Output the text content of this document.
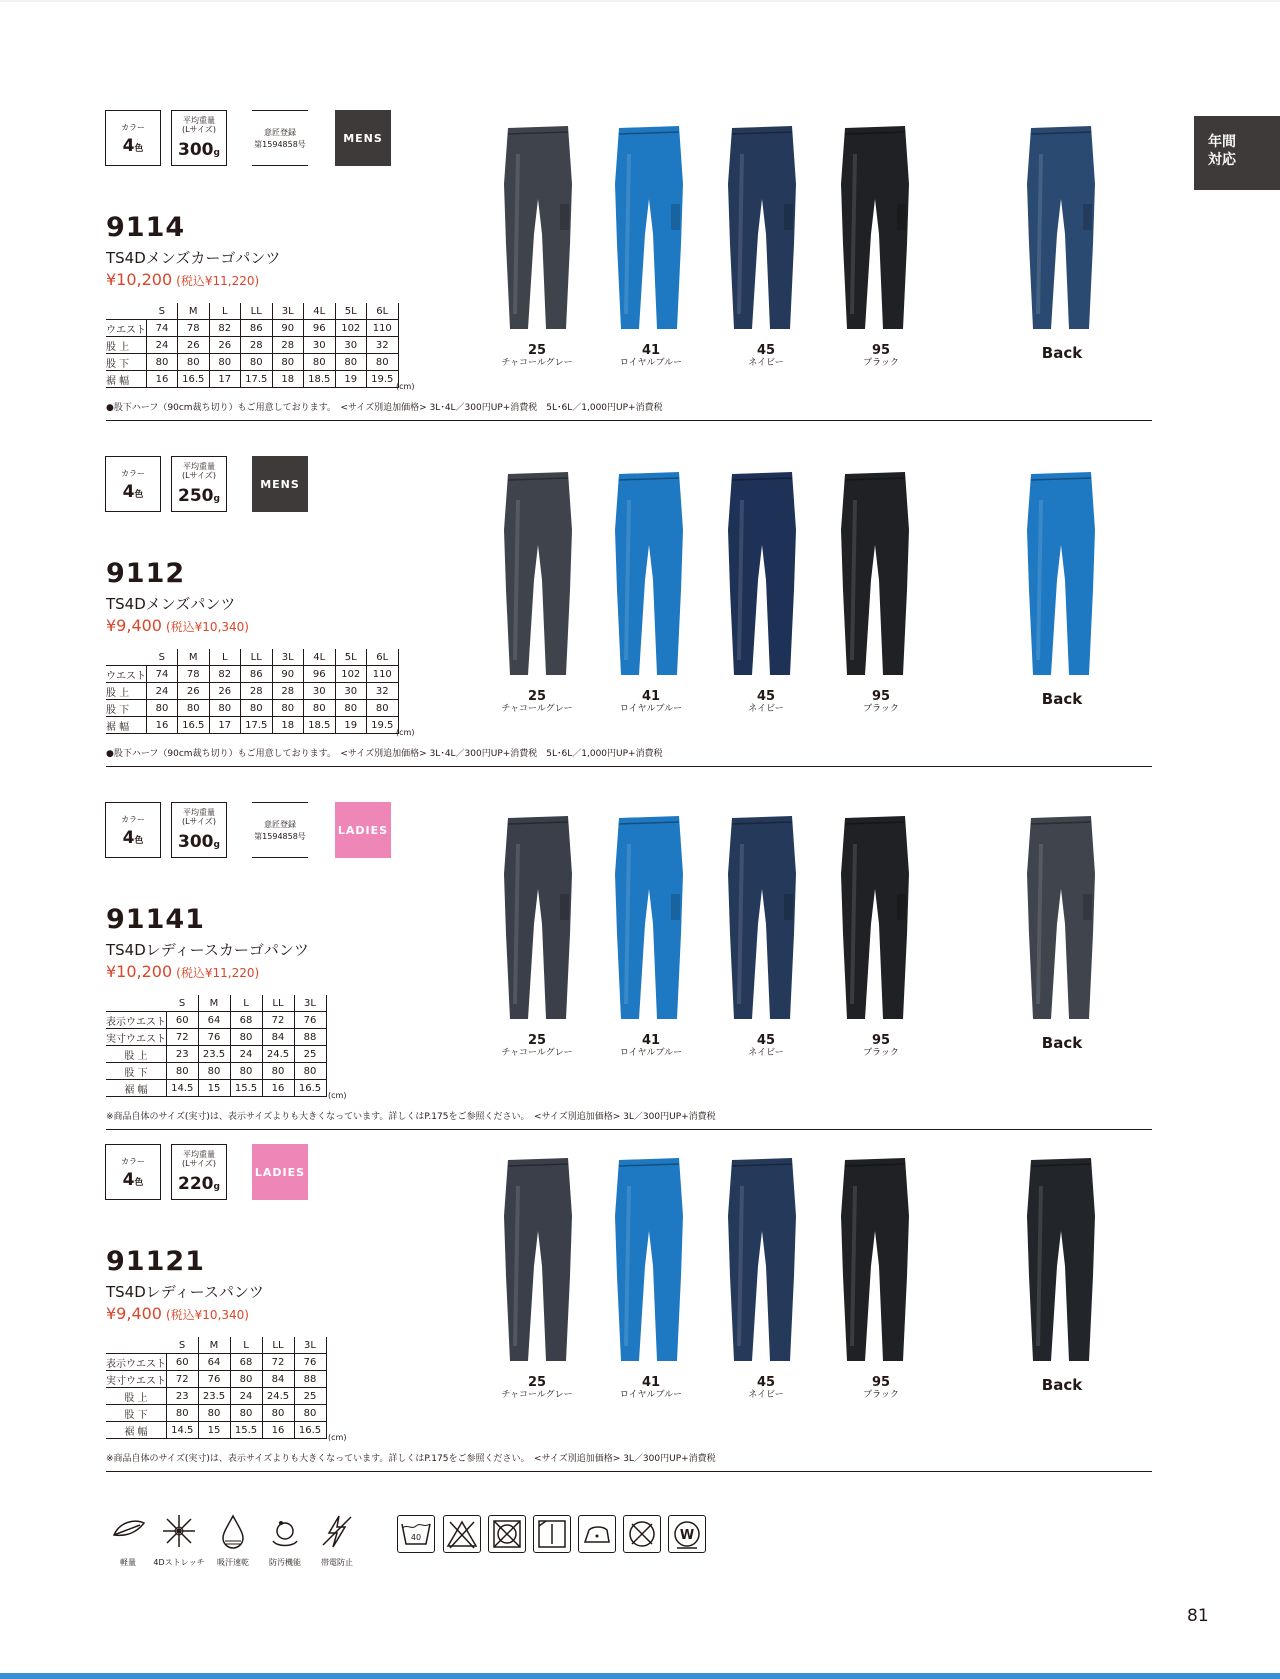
年間
対応
カラー
4色
平均重量
(Lサイズ)
300g
意匠登録
第1594858号	MENS
9114
TS4Dメンズカーゴパンツ
¥10,200 (税込¥11,220)
	S	M	L	LL	3L	4L	5L	6L
ウエスト	74	78	82	86	90	96	102	110
股 上	24	26	26	28	28	30	30	32
股 下	80	80	80	80	80	80	80	80
裾 幅	16	16.5	17	17.5	18	18.5	19	19.5
(cm)
●股下ハーフ（90cm裁ち切り）もご用意しております。　<サイズ別追加価格> 3L･4L／300円UP+消費税　5L･6L／1,000円UP+消費税
25
チャコールグレー
41
ロイヤルブルー
45
ネイビー
95
ブラック
Back
カラー
4色
平均重量
(Lサイズ)
250g
MENS
9112
TS4Dメンズパンツ
¥9,400 (税込¥10,340)
	S	M	L	LL	3L	4L	5L	6L
ウエスト	74	78	82	86	90	96	102	110
股 上	24	26	26	28	28	30	30	32
股 下	80	80	80	80	80	80	80	80
裾 幅	16	16.5	17	17.5	18	18.5	19	19.5
(cm)
●股下ハーフ（90cm裁ち切り）もご用意しております。　<サイズ別追加価格> 3L･4L／300円UP+消費税　5L･6L／1,000円UP+消費税
25
チャコールグレー
41
ロイヤルブルー
45
ネイビー
95
ブラック
Back
カラー
4色
平均重量
(Lサイズ)
300g
意匠登録
第1594858号	LADIES
91141
TS4Dレディースカーゴパンツ
¥10,200 (税込¥11,220)
	S	M	L	LL	3L
表示ウエスト	60	64	68	72	76
実寸ウエスト	72	76	80	84	88
股 上	23	23.5	24	24.5	25
股 下	80	80	80	80	80
裾 幅	14.5	15	15.5	16	16.5
(cm)
※商品自体のサイズ(実寸)は、表示サイズよりも大きくなっています。詳しくはP.175をご参照ください。　<サイズ別追加価格> 3L／300円UP+消費税
25
チャコールグレー
41
ロイヤルブルー
45
ネイビー
95
ブラック
Back
カラー
4色
平均重量
(Lサイズ)
220g
LADIES
91121
TS4Dレディースパンツ
¥9,400 (税込¥10,340)
	S	M	L	LL	3L
表示ウエスト	60	64	68	72	76
実寸ウエスト	72	76	80	84	88
股 上	23	23.5	24	24.5	25
股 下	80	80	80	80	80
裾 幅	14.5	15	15.5	16	16.5
(cm)
※商品自体のサイズ(実寸)は、表示サイズよりも大きくなっています。詳しくはP.175をご参照ください。　<サイズ別追加価格> 3L／300円UP+消費税
25
チャコールグレー
41
ロイヤルブルー
45
ネイビー
95
ブラック
Back
軽量	4Dストレッチ	吸汗速乾	防汚機能	帯電防止
40	W
81
